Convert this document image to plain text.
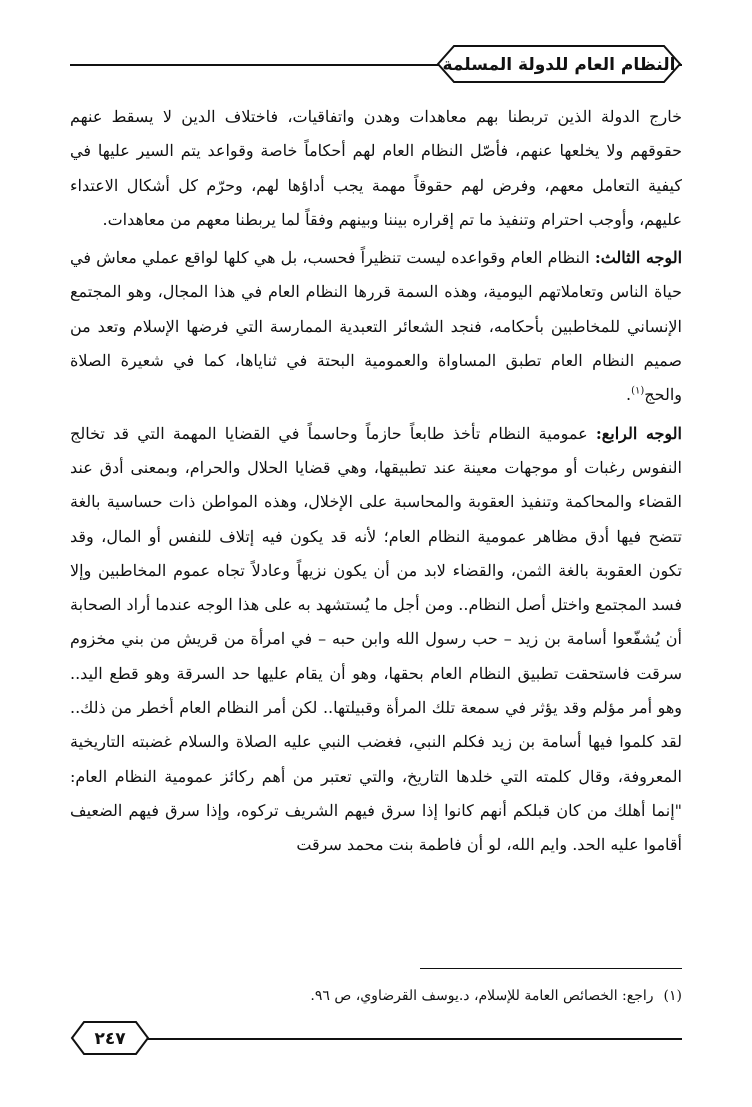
النظام العام للدولة المسلمة

خارج الدولة الذين تربطنا بهم معاهدات وهدن واتفاقيات، فاختلاف الدين لا يسقط عنهم حقوقهم ولا يخلعها عنهم، فأصّل النظام العام لهم أحكاماً خاصة وقواعد يتم السير عليها في كيفية التعامل معهم، وفرض لهم حقوقاً مهمة يجب أداؤها لهم، وحرّم كل أشكال الاعتداء عليهم، وأوجب احترام وتنفيذ ما تم إقراره بيننا وبينهم وفقاً لما يربطنا معهم من معاهدات.

الوجه الثالث: النظام العام وقواعده ليست تنظيراً فحسب، بل هي كلها لواقع عملي معاش في حياة الناس وتعاملاتهم اليومية، وهذه السمة قررها النظام العام في هذا المجال، وهو المجتمع الإنساني للمخاطبين بأحكامه، فنجد الشعائر التعبدية الممارسة التي فرضها الإسلام وتعد من صميم النظام العام تطبق المساواة والعمومية البحتة في ثناياها، كما في شعيرة الصلاة والحج$^{(١)}$.

الوجه الرابع: عمومية النظام تأخذ طابعاً حازماً وحاسماً في القضايا المهمة التي قد تخالج النفوس رغبات أو موجهات معينة عند تطبيقها، وهي قضايا الحلال والحرام، وبمعنى أدق عند القضاء والمحاكمة وتنفيذ العقوبة والمحاسبة على الإخلال، وهذه المواطن ذات حساسية بالغة تتضح فيها أدق مظاهر عمومية النظام العام؛ لأنه قد يكون فيه إتلاف للنفس أو المال، وقد تكون العقوبة بالغة الثمن، والقضاء لابد من أن يكون نزيهاً وعادلاً تجاه عموم المخاطبين وإلا فسد المجتمع واختل أصل النظام.. ومن أجل ما يُستشهد به على هذا الوجه عندما أراد الصحابة أن يُشفّعوا أسامة بن زيد – حب رسول الله وابن حبه – في امرأة من قريش من بني مخزوم سرقت فاستحقت تطبيق النظام العام بحقها، وهو أن يقام عليها حد السرقة وهو قطع اليد.. وهو أمر مؤلم وقد يؤثر في سمعة تلك المرأة وقبيلتها.. لكن أمر النظام العام أخطر من ذلك.. لقد كلموا فيها أسامة بن زيد فكلم النبي، فغضب النبي عليه الصلاة والسلام غضبته التاريخية المعروفة، وقال كلمته التي خلدها التاريخ، والتي تعتبر من أهم ركائز عمومية النظام العام: "إنما أهلك من كان قبلكم أنهم كانوا إذا سرق فيهم الشريف تركوه، وإذا سرق فيهم الضعيف أقاموا عليه الحد. وايم الله، لو أن فاطمة بنت محمد سرقت

(١)راجع: الخصائص العامة للإسلام، د.يوسف القرضاوي، ص ٩٦.
٢٤٧
